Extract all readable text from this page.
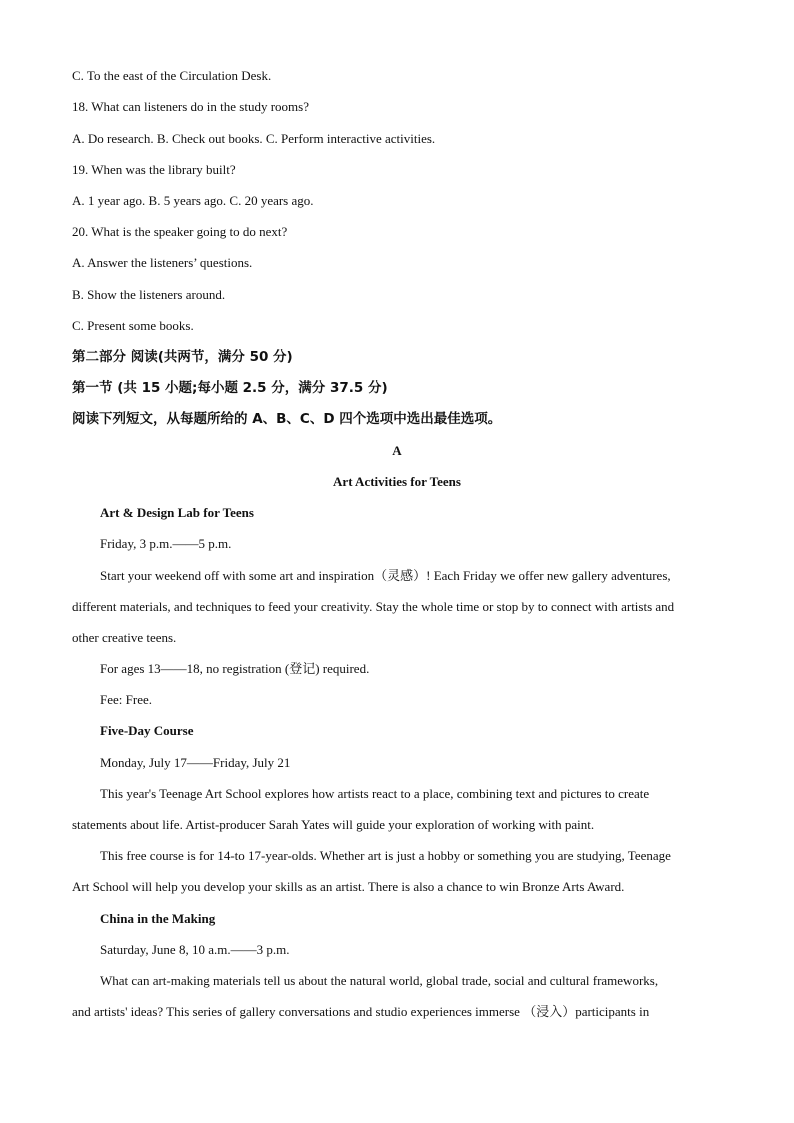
C. To the east of the Circulation Desk.
18. What can listeners do in the study rooms?
A. Do research. B. Check out books. C. Perform interactive activities.
19. When was the library built?
A. 1 year ago. B. 5 years ago. C. 20 years ago.
20. What is the speaker going to do next?
A. Answer the listeners’ questions.
B. Show the listeners around.
C. Present some books.
第二部分 阅读(共两节，满分 50 分)
第一节 (共 15 小题;每小题 2.5 分，满分 37.5 分)
阅读下列短文，从每题所给的 A、B、C、D 四个选项中选出最佳选项。
A
Art Activities for Teens
Art & Design Lab for Teens
Friday, 3 p.m.——5 p.m.
Start your weekend off with some art and inspiration（灵感）! Each Friday we offer new gallery adventures,
different materials, and techniques to feed your creativity. Stay the whole time or stop by to connect with artists and
other creative teens.
For ages 13——18, no registration (登记) required.
Fee: Free.
Five-Day Course
Monday, July 17——Friday, July 21
This year's Teenage Art School explores how artists react to a place, combining text and pictures to create
statements about life. Artist-producer Sarah Yates will guide your exploration of working with paint.
This free course is for 14-to 17-year-olds. Whether art is just a hobby or something you are studying, Teenage
Art School will help you develop your skills as an artist. There is also a chance to win Bronze Arts Award.
China in the Making
Saturday, June 8, 10 a.m.——3 p.m.
What can art-making materials tell us about the natural world, global trade, social and cultural frameworks,
and artists' ideas? This series of gallery conversations and studio experiences immerse （浸入）participants in
